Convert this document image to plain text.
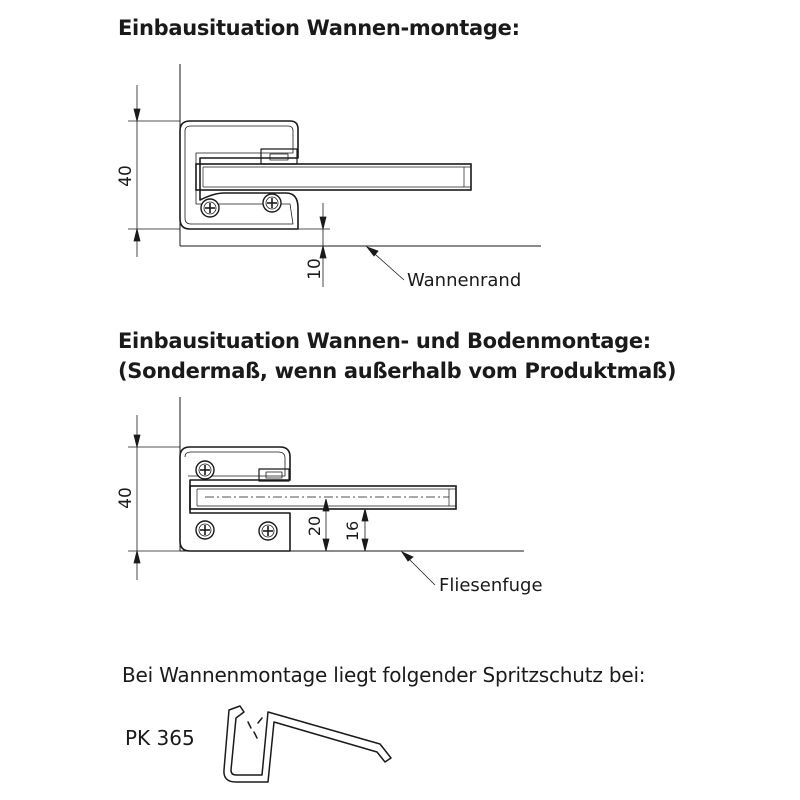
Einbausituation Wannen-montage:
Einbausituation Wannen- und Bodenmontage:
(Sondermaß, wenn außerhalb vom Produktmaß)
40
10
Wannenrand
40
20 16
Fliesenfuge
Bei Wannenmontage liegt folgender Spritzschutz bei:
PK 365
